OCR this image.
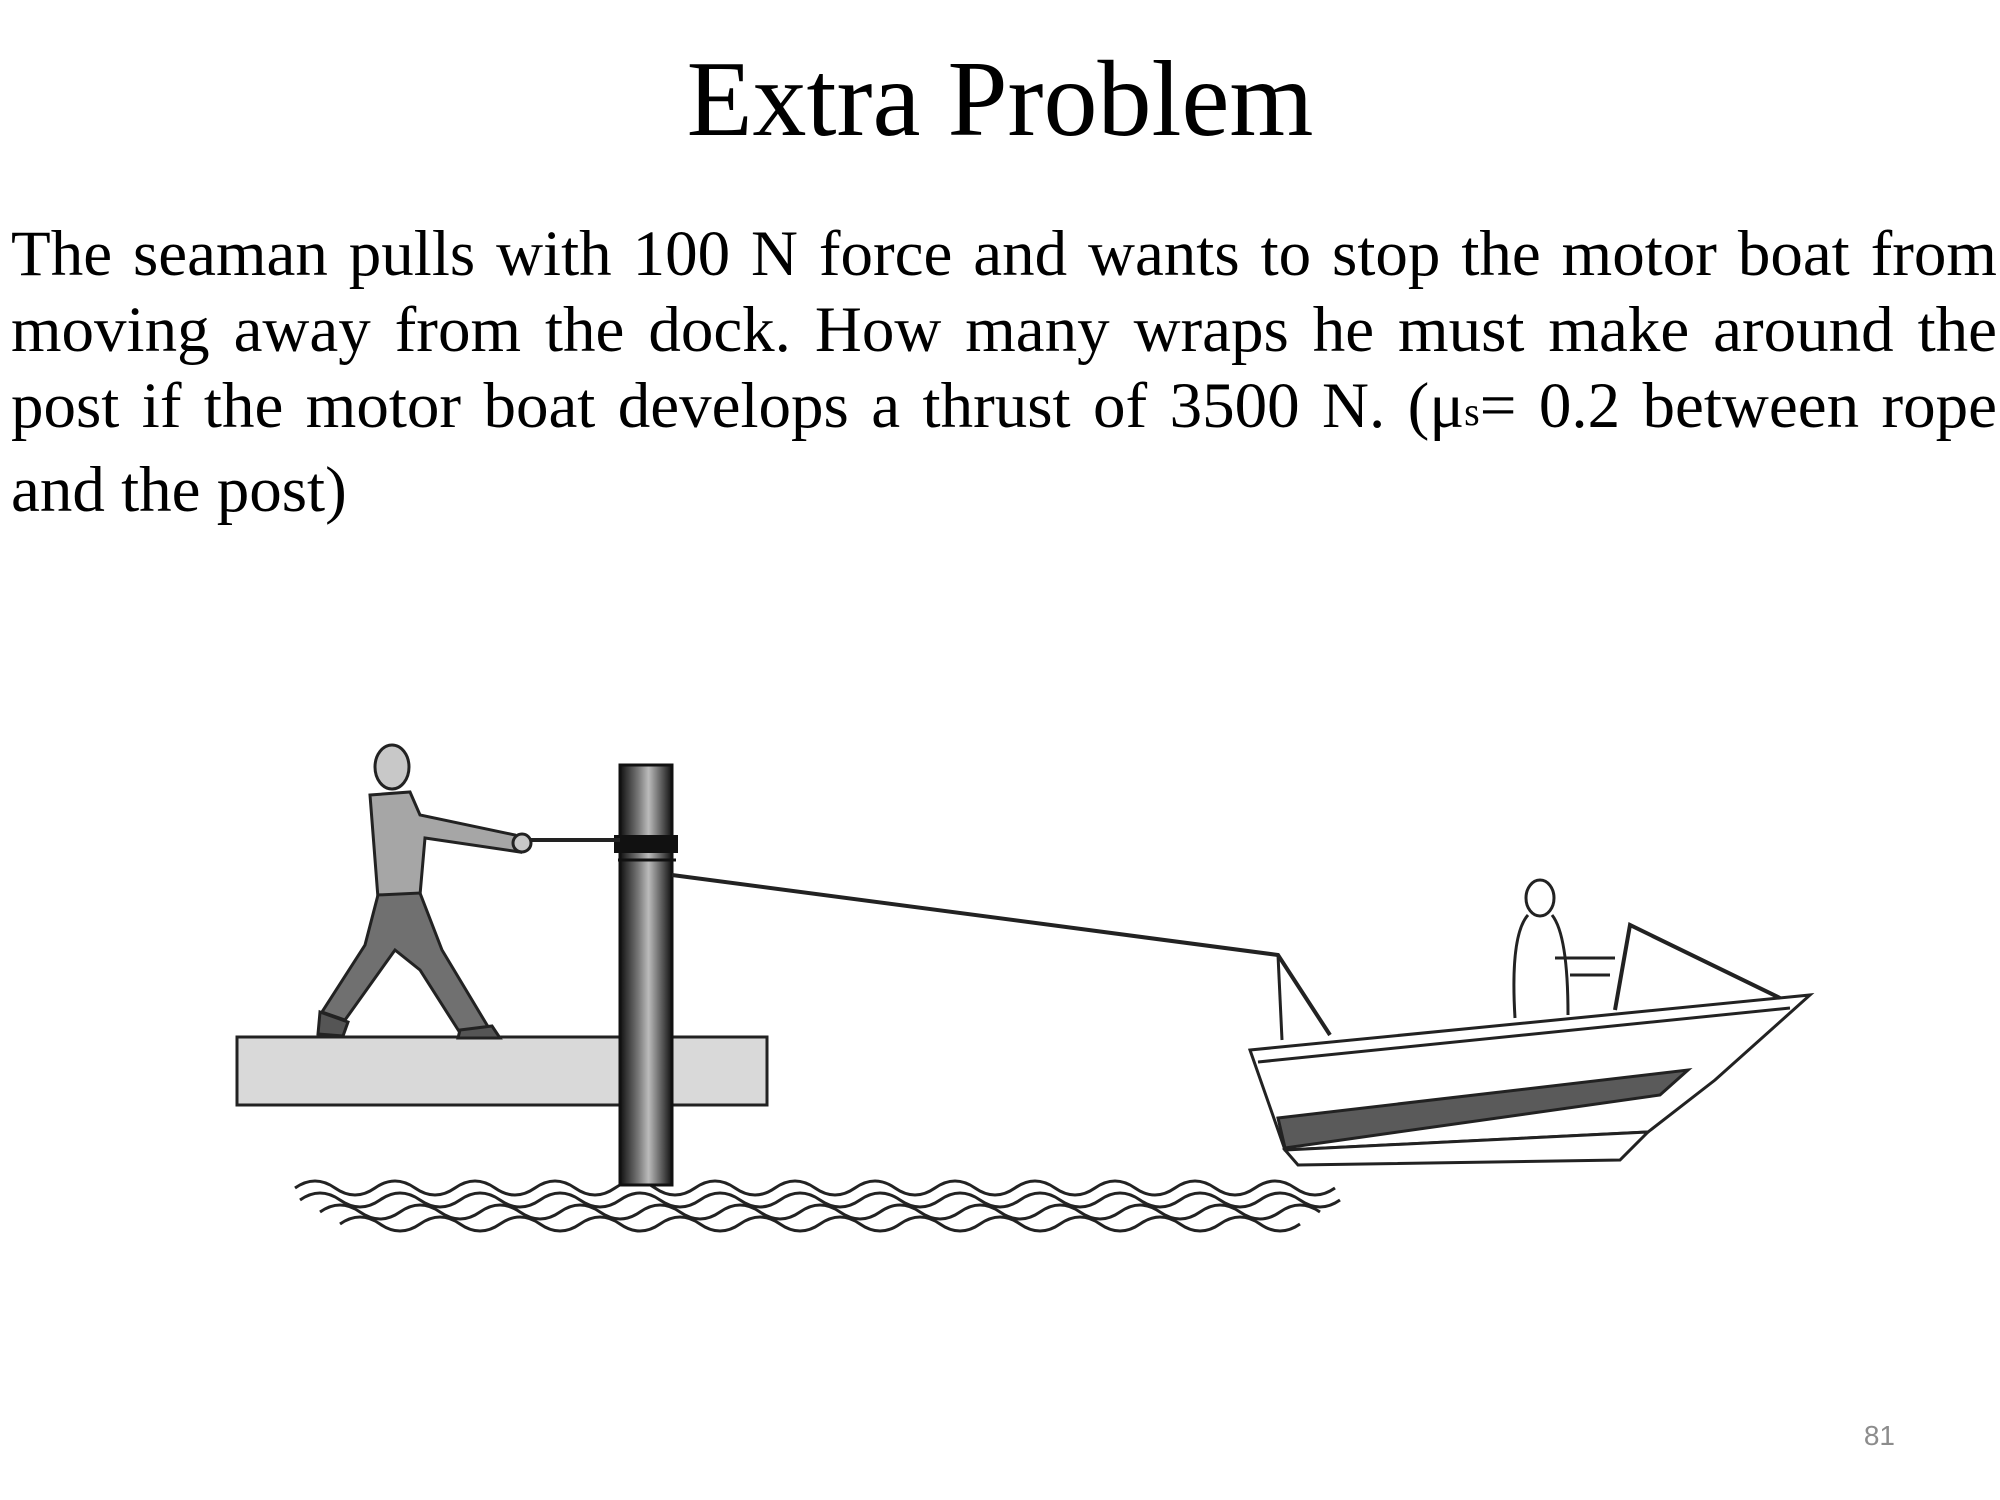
Extra Problem

The seaman pulls with 100 N force and wants to stop the motor boat from moving away from the dock. How many wraps he must make around the post if the motor boat develops a thrust of 3500 N. ($\mu_s= 0.2$ between rope and the post)

81
